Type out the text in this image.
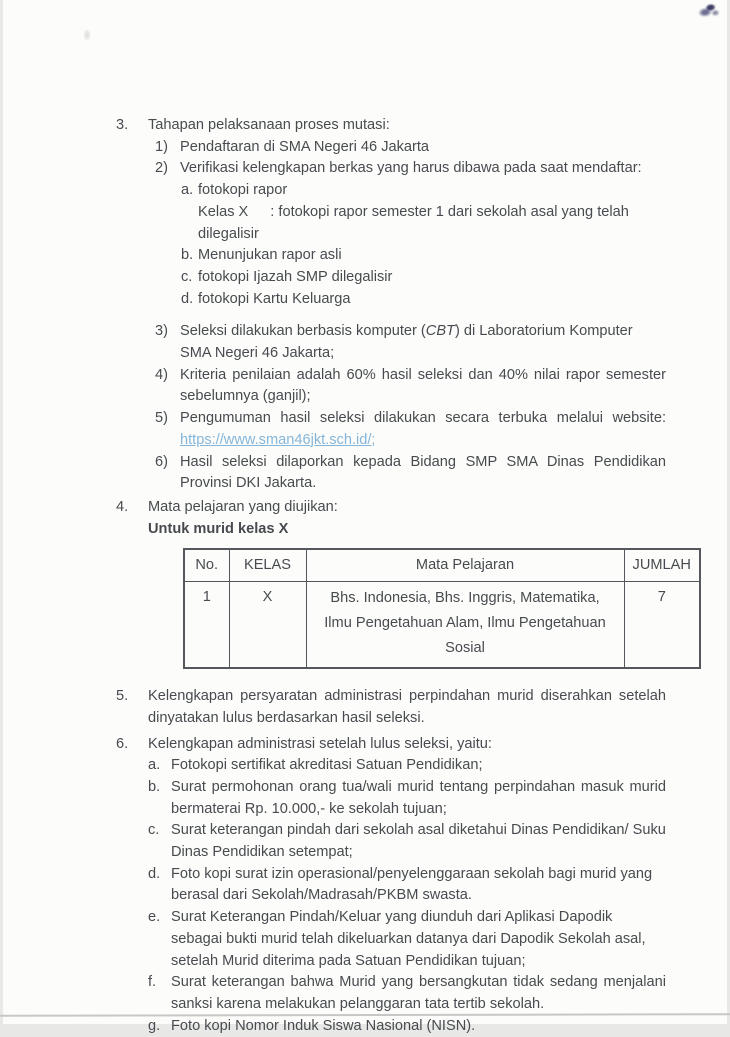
3.	Tahapan pelaksanaan proses mutasi:

1) Pendaftaran di SMA Negeri 46 Jakarta

2) Verifikasi kelengkapan berkas yang harus dibawa pada saat mendaftar:

a. fotokopi rapor

Kelas X : fotokopi rapor semester 1 dari sekolah asal yang telah dilegalisir

b. Menunjukan rapor asli

c. fotokopi Ijazah SMP dilegalisir

d. fotokopi Kartu Keluarga

3) Seleksi dilakukan berbasis komputer (CBT) di Laboratorium Komputer SMA Negeri 46 Jakarta;

4) Kriteria penilaian adalah 60% hasil seleksi dan 40% nilai rapor semester sebelumnya (ganjil);

5) Pengumuman hasil seleksi dilakukan secara terbuka melalui website: https://www.sman46jkt.sch.id/;

6) Hasil seleksi dilaporkan kepada Bidang SMP SMA Dinas Pendidikan Provinsi DKI Jakarta.

4.	Mata pelajaran yang diujikan:

Untuk murid kelas X

No.	KELAS	Mata Pelajaran	JUMLAH
1	X	Bhs. Indonesia, Bhs. Inggris, Matematika, Ilmu Pengetahuan Alam, Ilmu Pengetahuan Sosial	7
5.	Kelengkapan persyaratan administrasi perpindahan murid diserahkan setelah dinyatakan lulus berdasarkan hasil seleksi.

6.	Kelengkapan administrasi setelah lulus seleksi, yaitu:

a. Fotokopi sertifikat akreditasi Satuan Pendidikan;

b. Surat permohonan orang tua/wali murid tentang perpindahan masuk murid bermaterai Rp. 10.000,- ke sekolah tujuan;

c. Surat keterangan pindah dari sekolah asal diketahui Dinas Pendidikan/ Suku Dinas Pendidikan setempat;

d. Foto kopi surat izin operasional/penyelenggaraan sekolah bagi murid yang berasal dari Sekolah/Madrasah/PKBM swasta.

e. Surat Keterangan Pindah/Keluar yang diunduh dari Aplikasi Dapodik sebagai bukti murid telah dikeluarkan datanya dari Dapodik Sekolah asal, setelah Murid diterima pada Satuan Pendidikan tujuan;

f.	Surat keterangan bahwa Murid yang bersangkutan tidak sedang menjalani sanksi karena melakukan pelanggaran tata tertib sekolah.

g. Foto kopi Nomor Induk Siswa Nasional (NISN).
